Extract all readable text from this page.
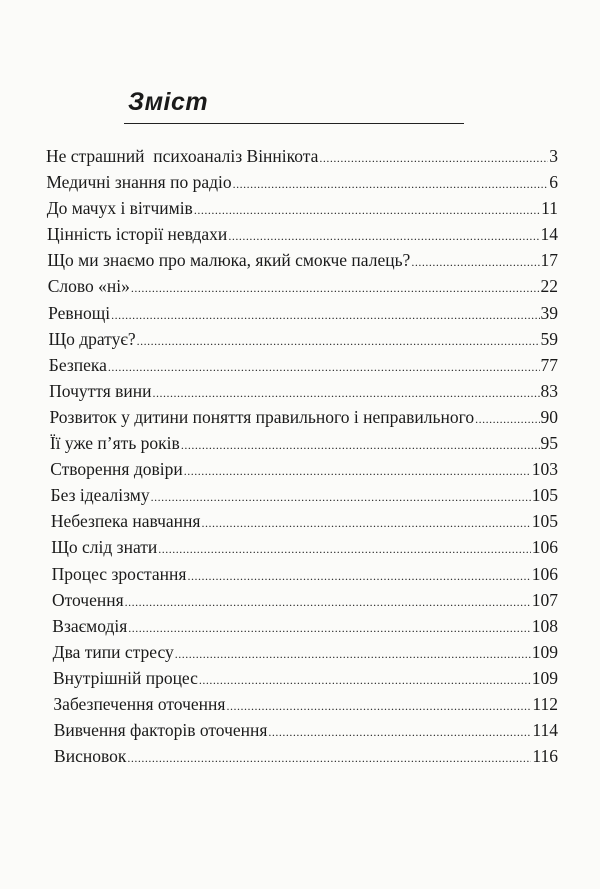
Зміст
Не страшний  психоаналіз Віннікота .....	3
Медичні знання по радіо .....	6
До мачух і вітчимів .....	11
Цінність історії невдахи .....	14
Що ми знаємо про малюка, який смокче палець? .....	17
Слово «ні» .....	22
Ревнощі .....	39
Що дратує? .....	59
Безпека .....	77
Почуття вини .....	83
Розвиток у дитини поняття правильного і неправильного .....	90
Її уже п’ять років .....	95
Створення довіри .....	103
Без ідеалізму .....	105
Небезпека навчання .....	105
Що слід знати .....	106
Процес зростання .....	106
Оточення .....	107
Взаємодія .....	108
Два типи стресу .....	109
Внутрішній процес .....	109
Забезпечення оточення .....	112
Вивчення факторів оточення .....	114
Висновок .....	116
